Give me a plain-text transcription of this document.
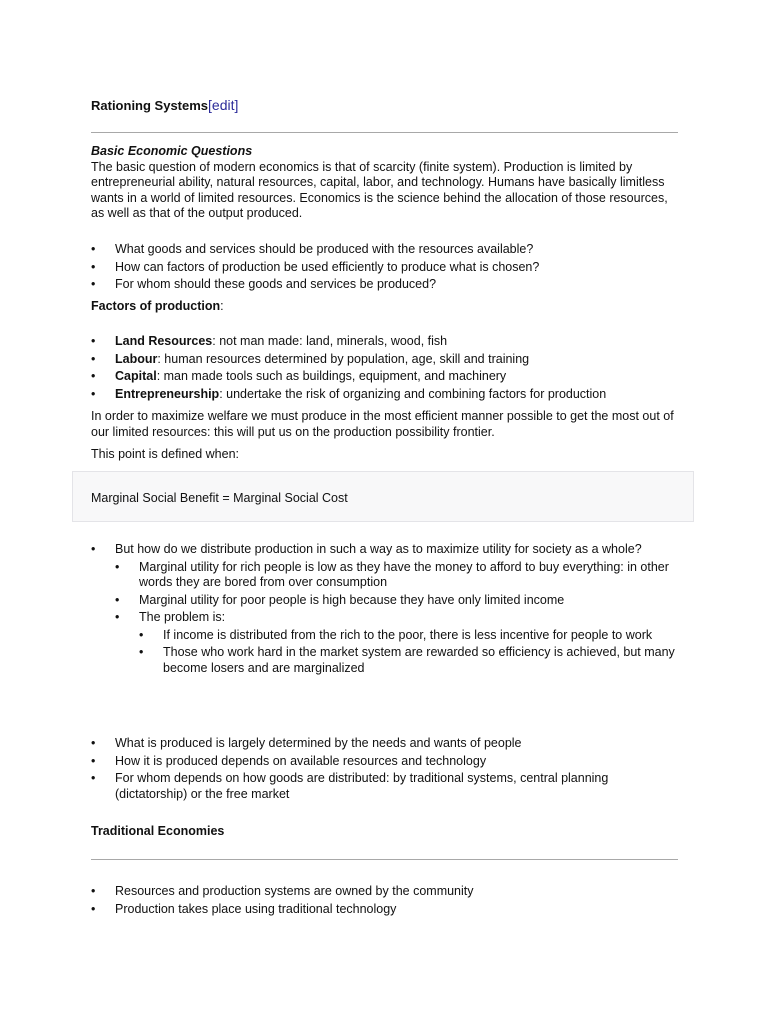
Rationing Systems[edit]
Basic Economic Questions
The basic question of modern economics is that of scarcity (finite system). Production is limited by entrepreneurial ability, natural resources, capital, labor, and technology. Humans have basically limitless wants in a world of limited resources. Economics is the science behind the allocation of those resources, as well as that of the output produced.
• What goods and services should be produced with the resources available?
• How can factors of production be used efficiently to produce what is chosen?
• For whom should these goods and services be produced?
Factors of production:
• Land Resources: not man made: land, minerals, wood, fish
• Labour: human resources determined by population, age, skill and training
• Capital: man made tools such as buildings, equipment, and machinery
• Entrepreneurship: undertake the risk of organizing and combining factors for production
In order to maximize welfare we must produce in the most efficient manner possible to get the most out of our limited resources: this will put us on the production possibility frontier.
This point is defined when:
Marginal Social Benefit = Marginal Social Cost
• But how do we distribute production in such a way as to maximize utility for society as a whole?
• Marginal utility for rich people is low as they have the money to afford to buy everything: in other words they are bored from over consumption
• Marginal utility for poor people is high because they have only limited income
• The problem is:
• If income is distributed from the rich to the poor, there is less incentive for people to work
• Those who work hard in the market system are rewarded so efficiency is achieved, but many become losers and are marginalized
• What is produced is largely determined by the needs and wants of people
• How it is produced depends on available resources and technology
• For whom depends on how goods are distributed: by traditional systems, central planning (dictatorship) or the free market
Traditional Economies
• Resources and production systems are owned by the community
• Production takes place using traditional technology
